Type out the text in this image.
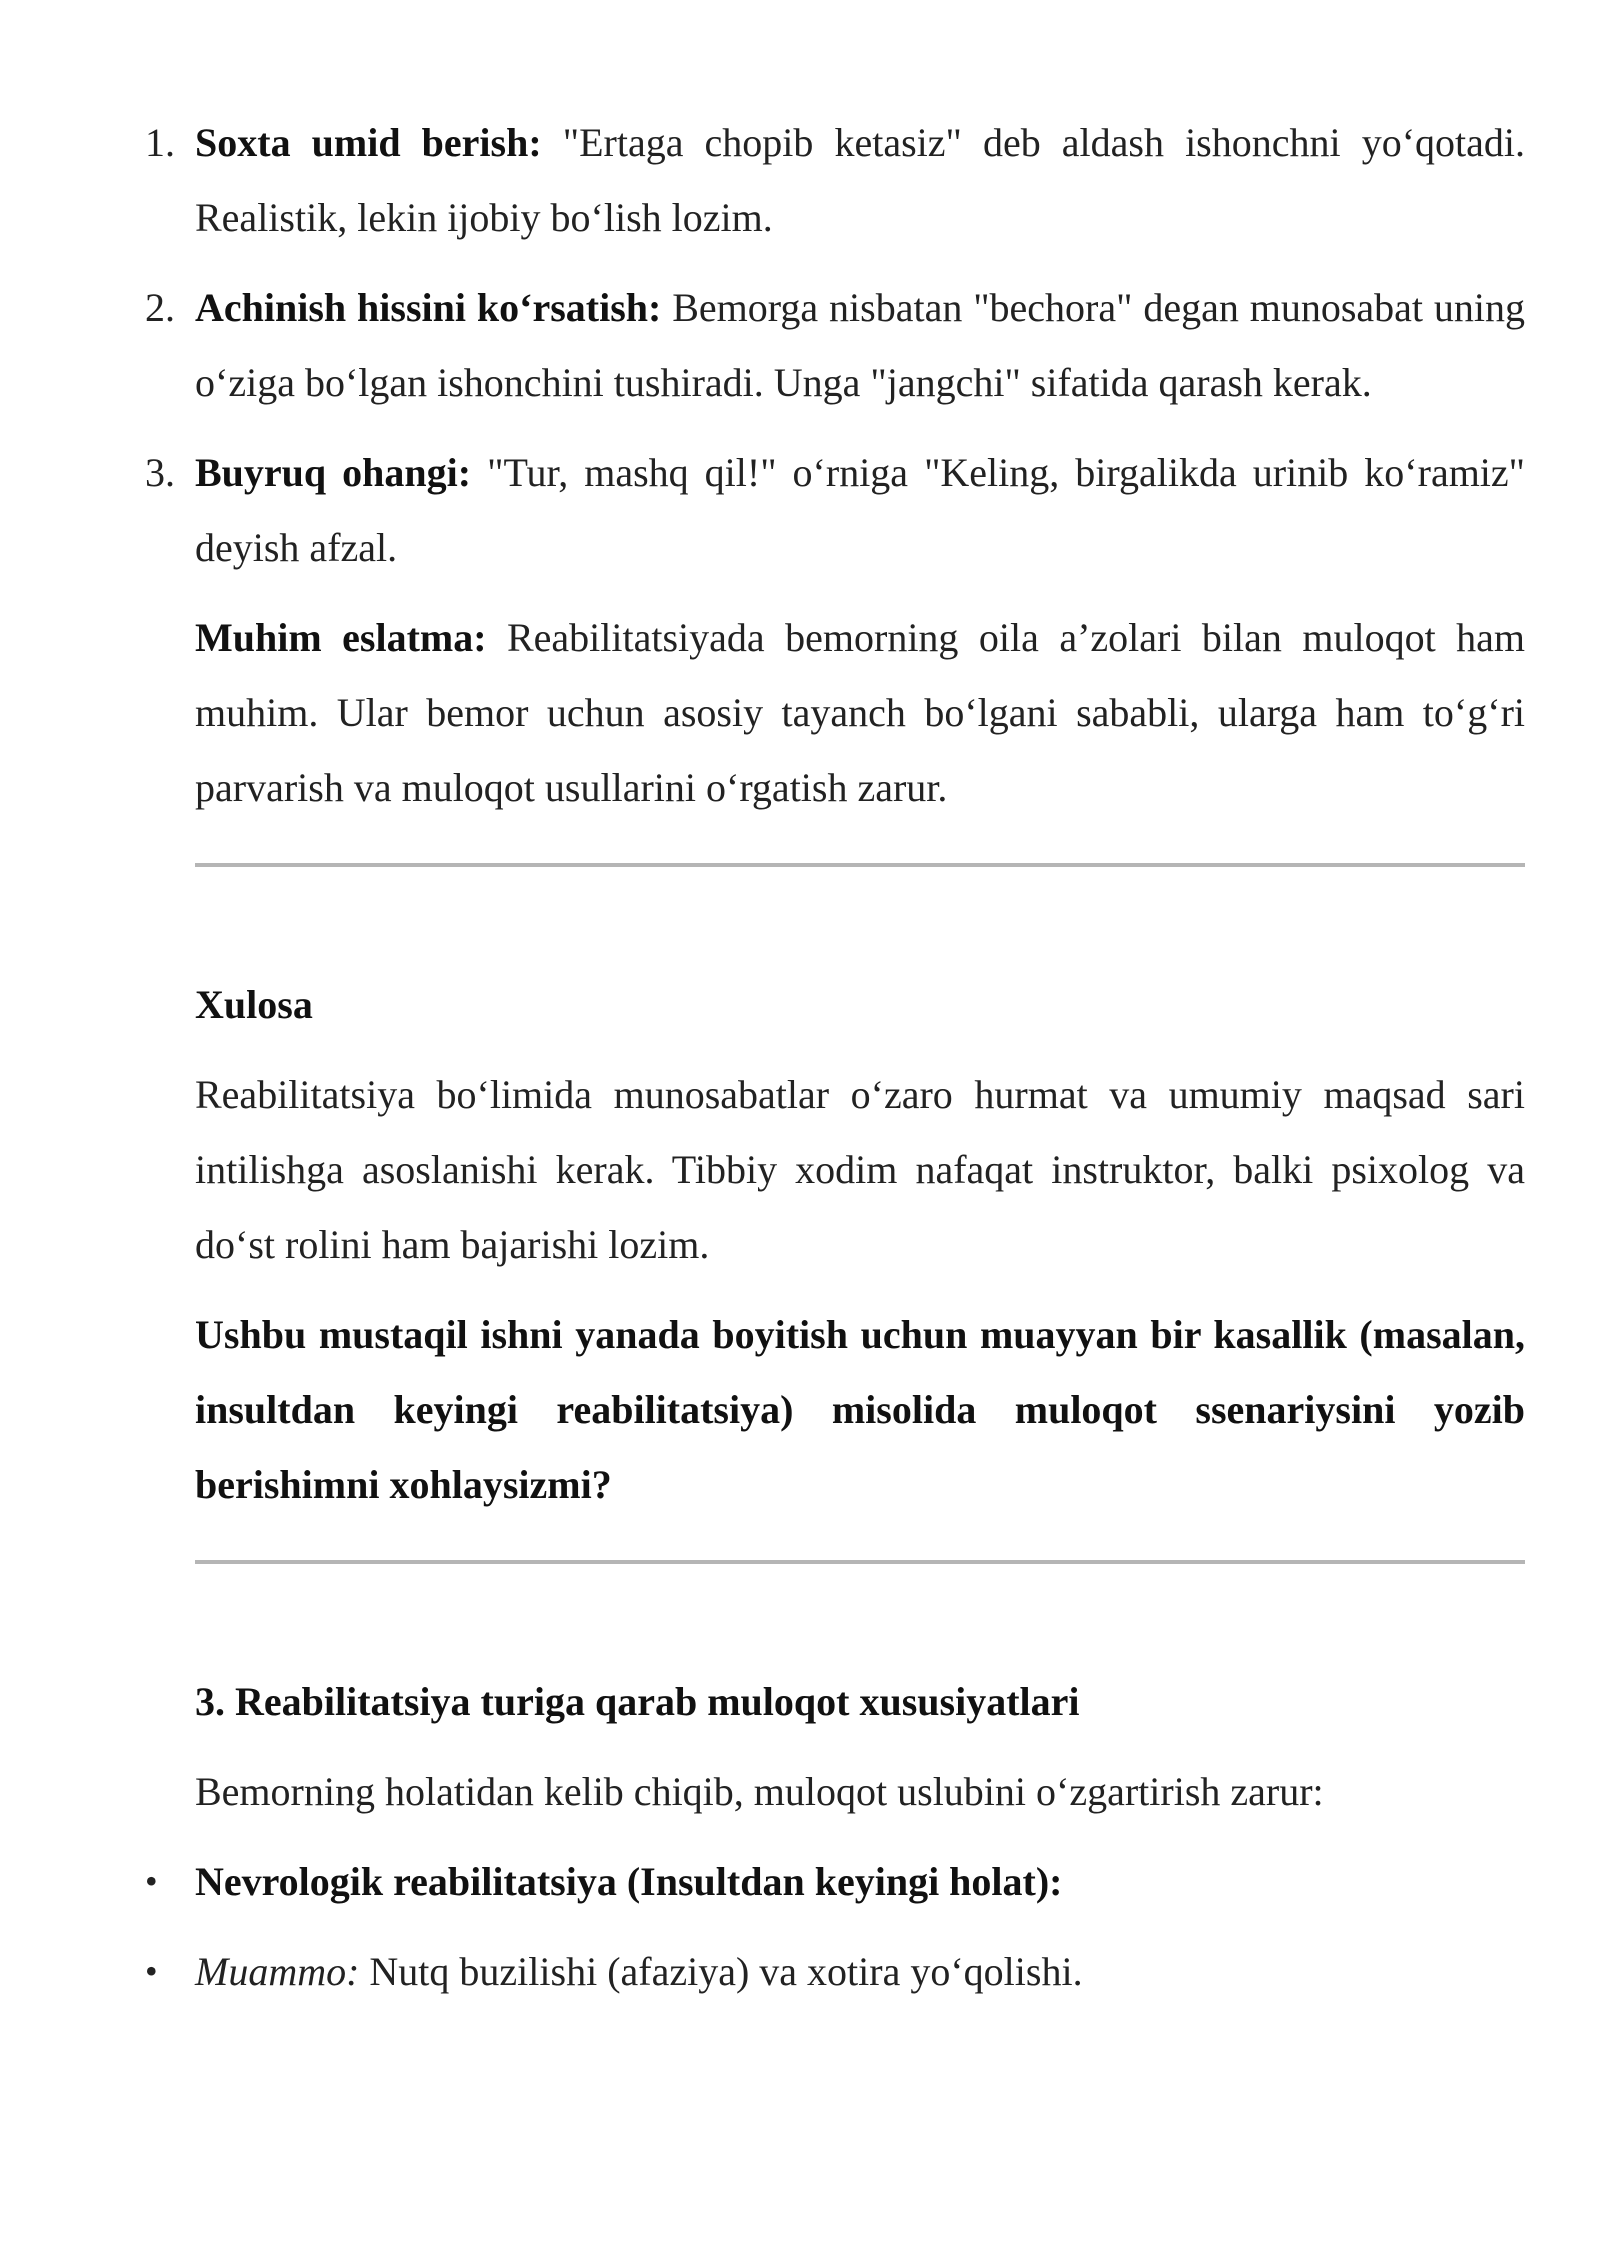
1. Soxta umid berish: "Ertaga chopib ketasiz" deb aldash ishonchni yo‘qotadi. Realistik, lekin ijobiy bo‘lish lozim.

2. Achinish hissini ko‘rsatish: Bemorga nisbatan "bechora" degan munosabat uning o‘ziga bo‘lgan ishonchini tushiradi. Unga "jangchi" sifatida qarash kerak.

3. Buyruq ohangi: "Tur, mashq qil!" o‘rniga "Keling, birgalikda urinib ko‘ramiz" deyish afzal.

Muhim eslatma: Reabilitatsiyada bemorning oila a’zolari bilan muloqot ham muhim. Ular bemor uchun asosiy tayanch bo‘lgani sababli, ularga ham to‘g‘ri parvarish va muloqot usullarini o‘rgatish zarur.

Xulosa

Reabilitatsiya bo‘limida munosabatlar o‘zaro hurmat va umumiy maqsad sari intilishga asoslanishi kerak. Tibbiy xodim nafaqat instruktor, balki psixolog va do‘st rolini ham bajarishi lozim.

Ushbu mustaqil ishni yanada boyitish uchun muayyan bir kasallik (masalan, insultdan keyingi reabilitatsiya) misolida muloqot ssenariysini yozib berishimni xohlaysizmi?

3. Reabilitatsiya turiga qarab muloqot xususiyatlari

Bemorning holatidan kelib chiqib, muloqot uslubini o‘zgartirish zarur:

• Nevrologik reabilitatsiya (Insultdan keyingi holat):

• Muammo: Nutq buzilishi (afaziya) va xotira yo‘qolishi.
